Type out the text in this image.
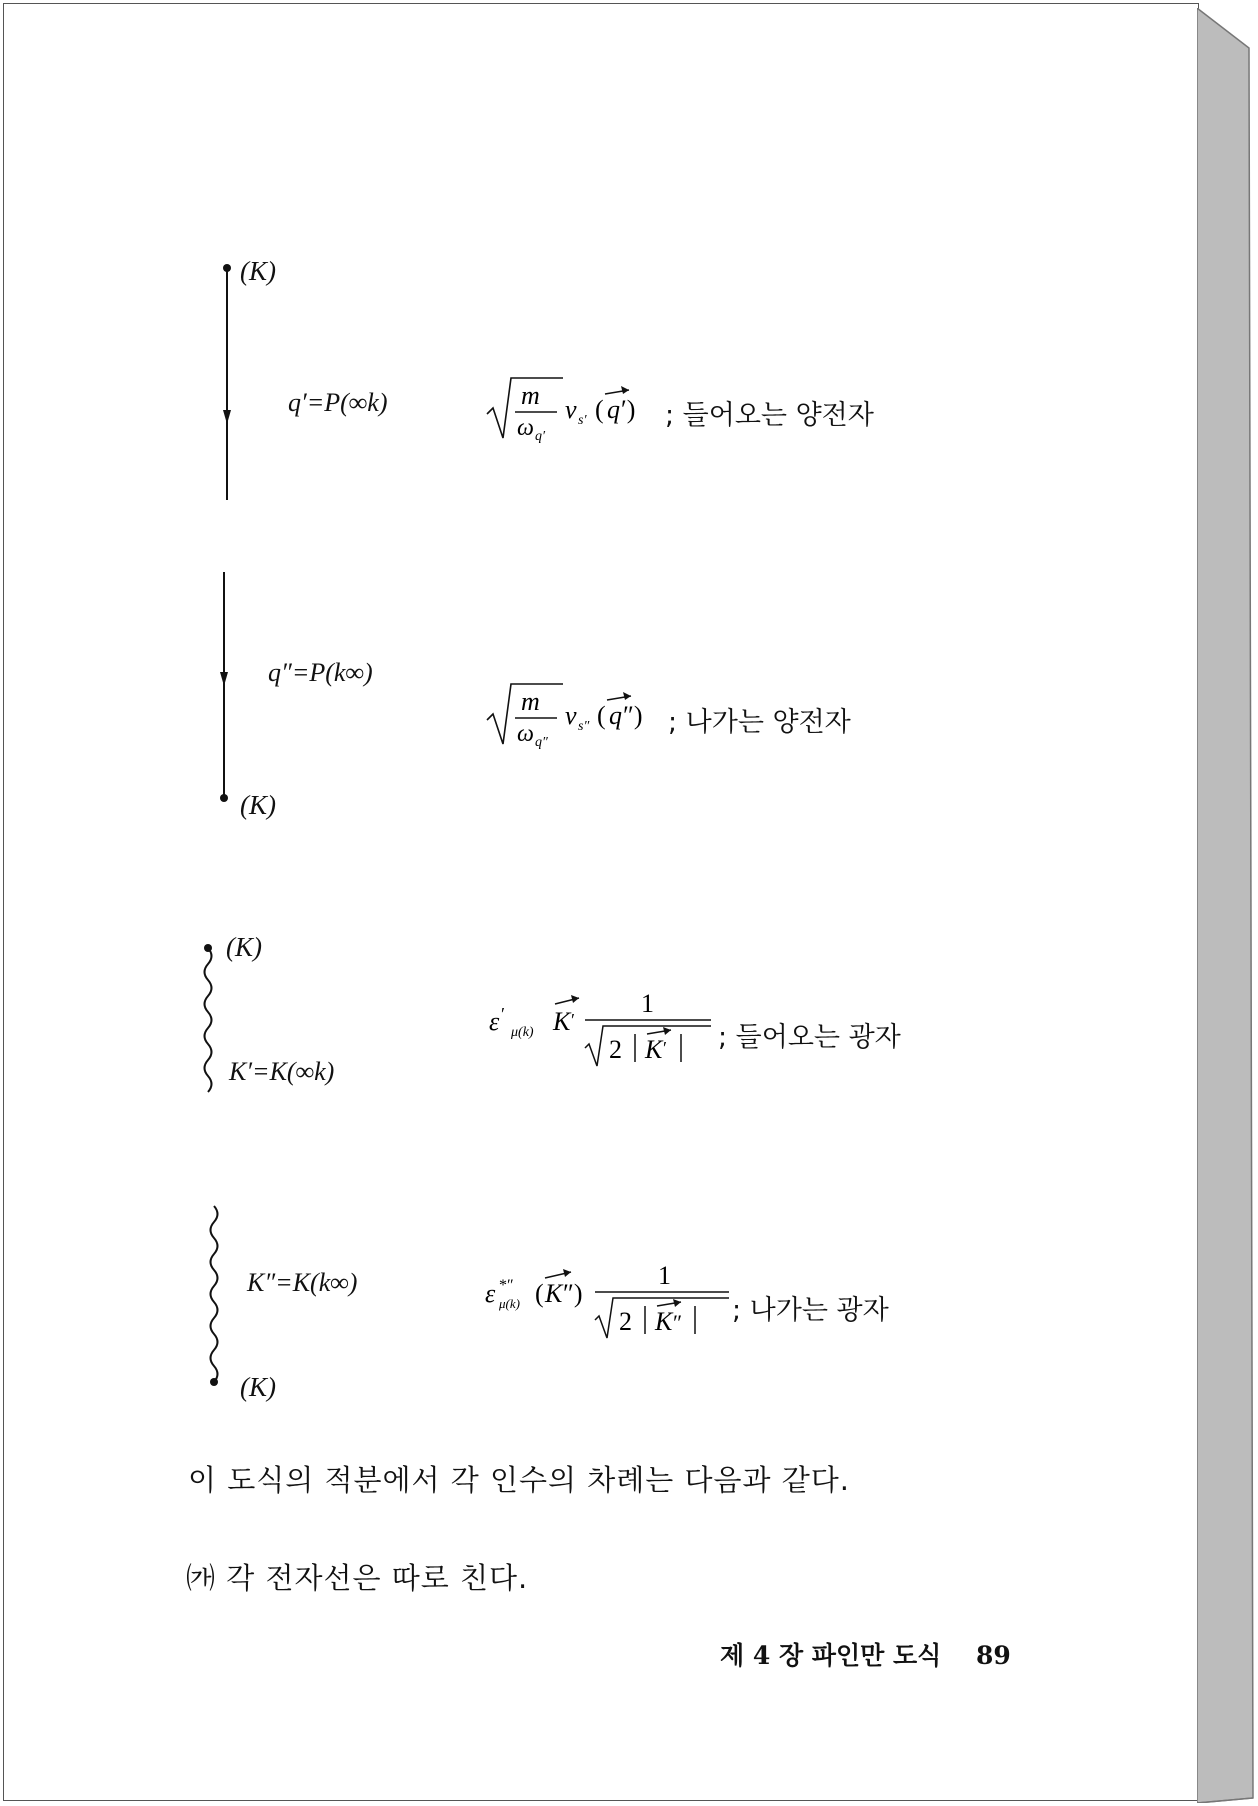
(K)
q′=P(∞k)	m
ω q′
v s′ ( q ′) ; 들어오는 양전자
q″=P(k∞)
m
ω q″
v s″ ( q ″) ; 나가는 양전자
(K)
(K)
K′=K(∞k)
ε ′
μ(k) K ′
1
2 K ′ ; 들어오는 광자
K″=K(k∞)	ε *″
μ(k) ( K ″)
1
2 K ″ ; 나가는 광자
(K)
이 도식의 적분에서 각 인수의 차례는 다음과 같다.
㈎ 각 전자선은 따로 친다.
제 4 장 파인만 도식 89
